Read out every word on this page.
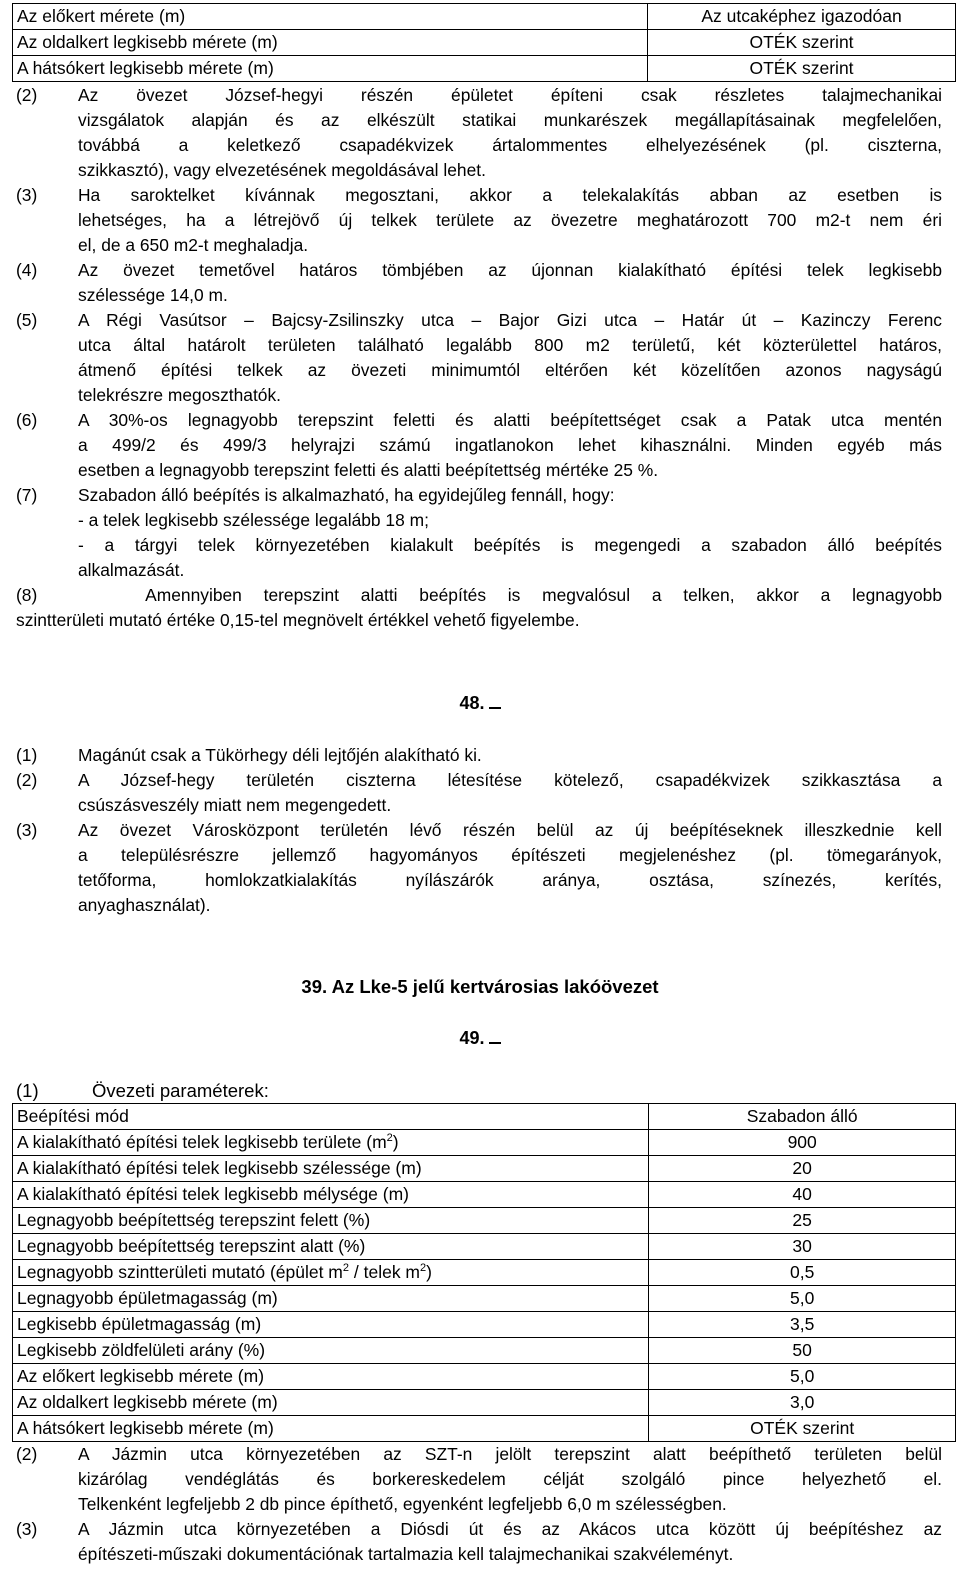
Az előkert mérete (m)	Az utcaképhez igazodóan
Az oldalkert legkisebb mérete (m)	OTÉK szerint
A hátsókert legkisebb mérete (m)	OTÉK szerint
(2)	Az övezet József-hegyi részén épületet építeni csak részletes talajmechanikai
vizsgálatok alapján és az elkészült statikai munkarészek megállapításainak megfelelően,
továbbá a keletkező csapadékvizek ártalommentes elhelyezésének (pl. ciszterna,
szikkasztó), vagy elvezetésének megoldásával lehet.
(3)	Ha saroktelket kívánnak megosztani, akkor a telekalakítás abban az esetben is
lehetséges, ha a létrejövő új telkek területe az övezetre meghatározott 700 m2-t nem éri
el, de a 650 m2-t meghaladja.
(4)	Az övezet temetővel határos tömbjében az újonnan kialakítható építési telek legkisebb
szélessége 14,0 m.
(5)	A Régi Vasútsor – Bajcsy-Zsilinszky utca – Bajor Gizi utca – Határ út – Kazinczy Ferenc
utca által határolt területen található legalább 800 m2 területű, két közterülettel határos,
átmenő építési telkek az övezeti minimumtól eltérően két közelítően azonos nagyságú
telekrészre megoszthatók.
(6)	A 30%-os legnagyobb terepszint feletti és alatti beépítettséget csak a Patak utca mentén
a 499/2 és 499/3 helyrajzi számú ingatlanokon lehet kihasználni. Minden egyéb más
esetben a legnagyobb terepszint feletti és alatti beépítettség mértéke 25 %.
(7)	Szabadon álló beépítés is alkalmazható, ha egyidejűleg fennáll, hogy:
- a telek legkisebb szélessége legalább 18 m;
- a tárgyi telek környezetében kialakult beépítés is megengedi a szabadon álló beépítés
alkalmazását.
(8)     Amennyiben terepszint alatti beépítés is megvalósul a telken, akkor a legnagyobb
szintterületi mutató értéke 0,15-tel megnövelt értékkel vehető figyelembe.
48.
(1)	Magánút csak a Tükörhegy déli lejtőjén alakítható ki.
(2)	A József-hegy területén ciszterna létesítése kötelező, csapadékvizek szikkasztása a
csúszásveszély miatt nem megengedett.
(3)	Az övezet Városközpont területén lévő részén belül az új beépítéseknek illeszkednie kell
a településrészre jellemző hagyományos építészeti megjelenéshez (pl. tömegarányok,
tetőforma, homlokzatkialakítás nyílászárók aránya, osztása, színezés, kerítés,
anyaghasználat).
39. Az Lke-5 jelű kertvárosias lakóövezet
49.
(1)	Övezeti paraméterek:
Beépítési mód	Szabadon álló
A kialakítható építési telek legkisebb területe $(m^2)$	900
A kialakítható építési telek legkisebb szélessége (m)	20
A kialakítható építési telek legkisebb mélysége (m)	40
Legnagyobb beépítettség terepszint felett (%)	25
Legnagyobb beépítettség terepszint alatt (%)	30
Legnagyobb szintterületi mutató (épület $m^2$ / telek $m^2$)	0,5
Legnagyobb épületmagasság (m)	5,0
Legkisebb épületmagasság (m)	3,5
Legkisebb zöldfelületi arány (%)	50
Az előkert legkisebb mérete (m)	5,0
Az oldalkert legkisebb mérete (m)	3,0
A hátsókert legkisebb mérete (m)	OTÉK szerint
(2)	A Jázmin utca környezetében az SZT-n jelölt terepszint alatt beépíthető területen belül
kizárólag vendéglátás és borkereskedelem célját szolgáló pince helyezhető el.
Telkenként legfeljebb 2 db pince építhető, egyenként legfeljebb 6,0 m szélességben.
(3)	A Jázmin utca környezetében a Diósdi út és az Akácos utca között új beépítéshez az
építészeti-műszaki dokumentációnak tartalmazia kell talajmechanikai szakvéleményt.
